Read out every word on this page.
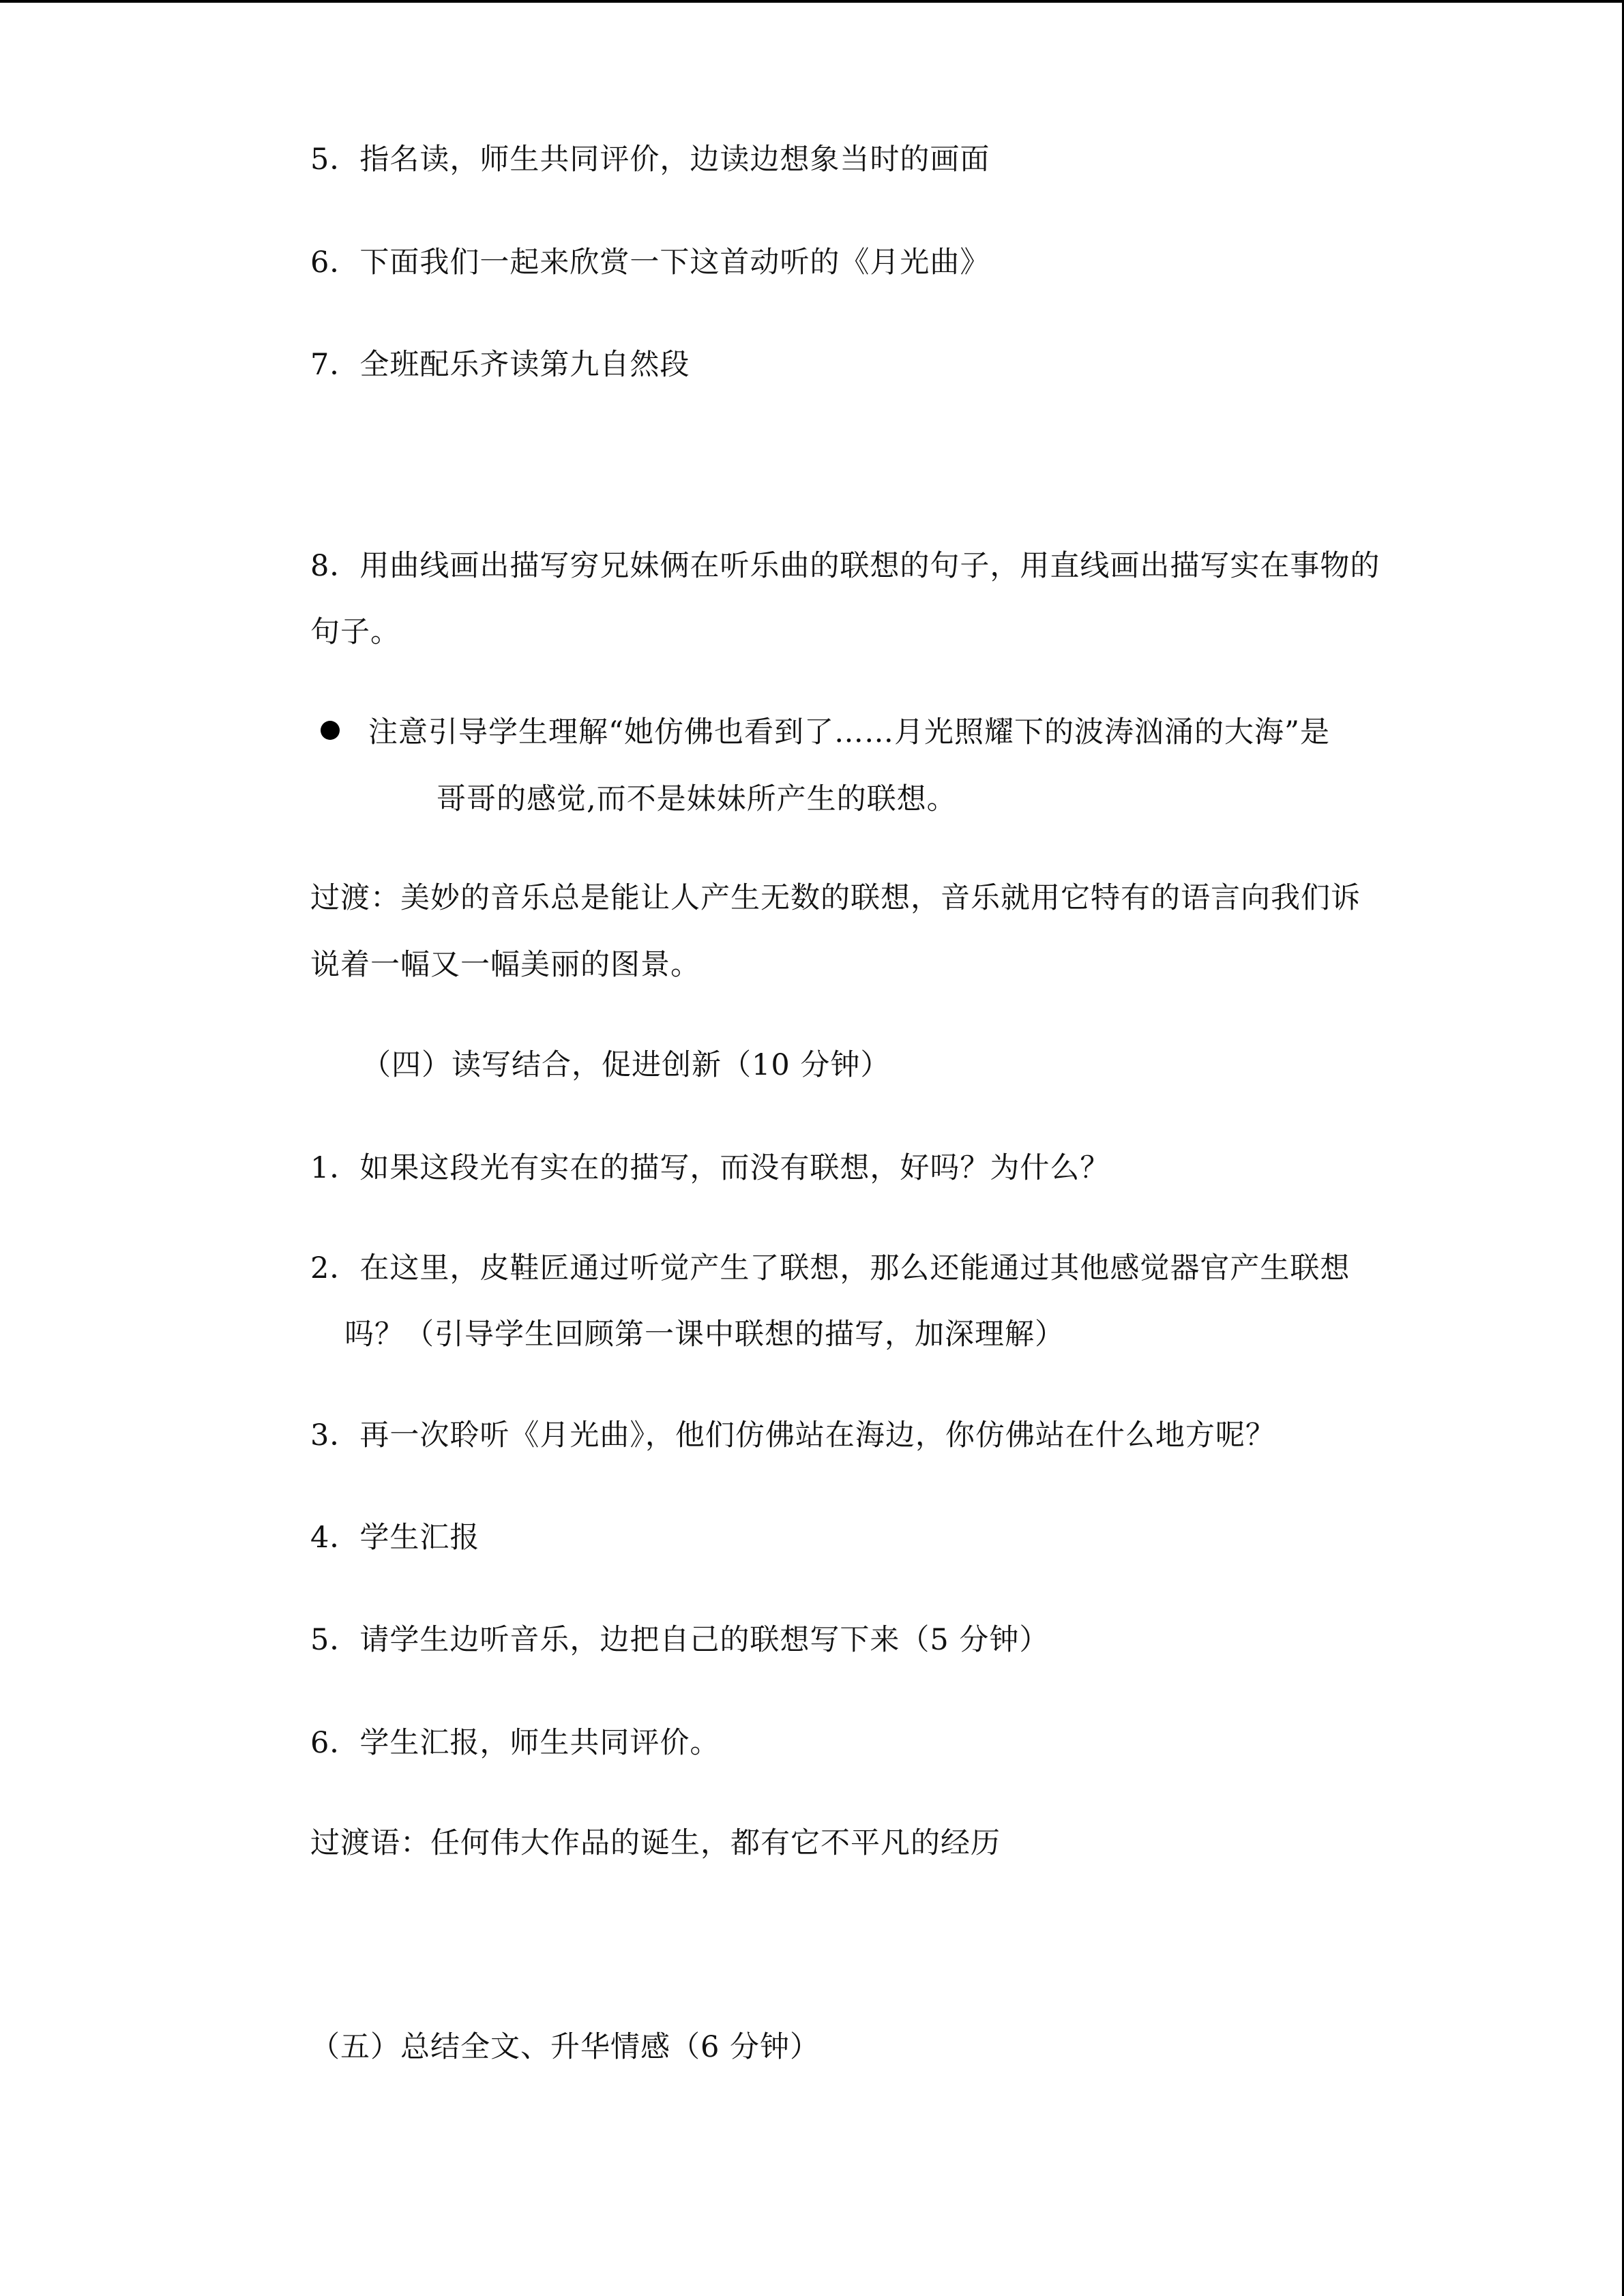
5．指名读，师生共同评价，边读边想象当时的画面
6．下面我们一起来欣赏一下这首动听的《月光曲》
7．全班配乐齐读第九自然段
8．用曲线画出描写穷兄妹俩在听乐曲的联想的句子，用直线画出描写实在事物的
句子。
注意引导学生理解“她仿佛也看到了……月光照耀下的波涛汹涌的大海”是
哥哥的感觉,而不是妹妹所产生的联想。
过渡：美妙的音乐总是能让人产生无数的联想，音乐就用它特有的语言向我们诉
说着一幅又一幅美丽的图景。
（四）读写结合，促进创新（10 分钟）
1．如果这段光有实在的描写，而没有联想，好吗？为什么？
2．在这里，皮鞋匠通过听觉产生了联想，那么还能通过其他感觉器官产生联想
吗？（引导学生回顾第一课中联想的描写，加深理解）
3．再一次聆听《月光曲》，他们仿佛站在海边，你仿佛站在什么地方呢？
4．学生汇报
5．请学生边听音乐，边把自己的联想写下来（5 分钟）
6．学生汇报，师生共同评价。
过渡语：任何伟大作品的诞生，都有它不平凡的经历
（五）总结全文、升华情感（6 分钟）
